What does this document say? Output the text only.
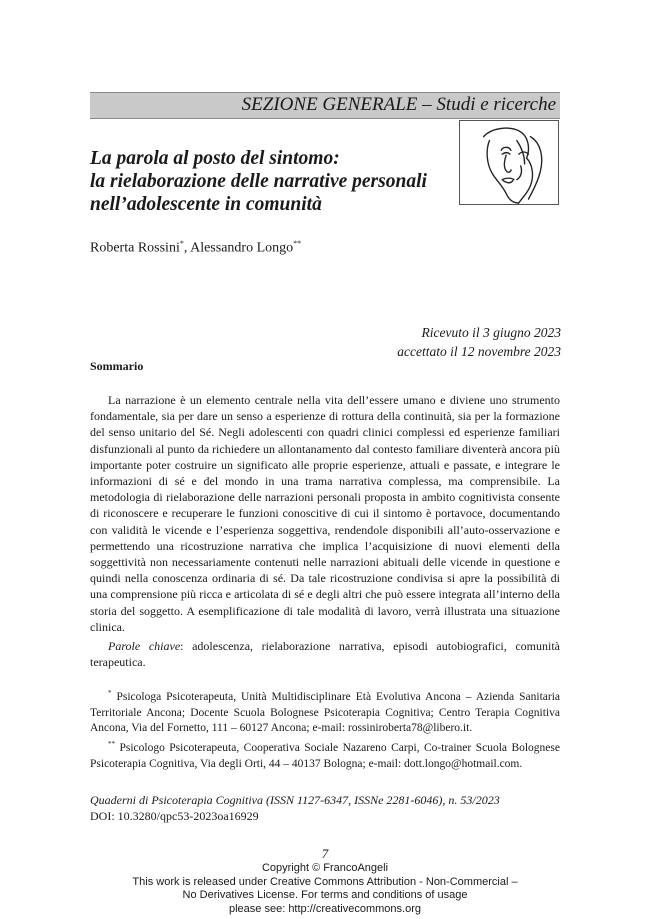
SEZIONE GENERALE – Studi e ricerche
La parola al posto del sintomo:
la rielaborazione delle narrative personali
nell’adolescente in comunità
Roberta Rossini*, Alessandro Longo**
Ricevuto il 3 giugno 2023
accettato il 12 novembre 2023
Sommario

La narrazione è un elemento centrale nella vita dell’essere umano e diviene uno strumento fondamentale, sia per dare un senso a esperienze di rottura della continuità, sia per la formazione del senso unitario del Sé. Negli adolescenti con quadri clinici complessi ed esperienze familiari disfunzionali al punto da richiedere un allontanamento dal contesto familiare diventerà ancora più importante poter costruire un significato alle proprie esperienze, attuali e passate, e integrare le informazioni di sé e del mondo in una trama narrativa complessa, ma comprensibile. La metodologia di rielaborazione delle narrazioni personali proposta in ambito cognitivista consente di riconoscere e recuperare le funzioni conoscitive di cui il sintomo è portavoce, documentando con validità le vicende e l’esperienza soggettiva, rendendole disponibili all’auto-osservazione e permettendo una ricostruzione narrativa che implica l’acquisizione di nuovi elementi della soggettività non necessariamente contenuti nelle narrazioni abituali delle vicende in questione e quindi nella conoscenza ordinaria di sé. Da tale ricostruzione condivisa si apre la possibilità di una comprensione più ricca e articolata di sé e degli altri che può essere integrata all’interno della storia del soggetto. A esemplificazione di tale modalità di lavoro, verrà illustrata una situazione clinica.

Parole chiave: adolescenza, rielaborazione narrativa, episodi autobiografici, comunità terapeutica.

* Psicologa Psicoterapeuta, Unità Multidisciplinare Età Evolutiva Ancona – Azienda Sanitaria Territoriale Ancona; Docente Scuola Bolognese Psicoterapia Cognitiva; Centro Terapia Cognitiva Ancona, Via del Fornetto, 111 – 60127 Ancona; e-mail: rossiniroberta78@libero.it.

** Psicologo Psicoterapeuta, Cooperativa Sociale Nazareno Carpi, Co-trainer Scuola Bolognese Psicoterapia Cognitiva, Via degli Orti, 44 – 40137 Bologna; e-mail: dott.longo@hotmail.com.

Quaderni di Psicoterapia Cognitiva (ISSN 1127-6347, ISSNe 2281-6046), n. 53/2023
DOI: 10.3280/qpc53-2023oa16929
7
Copyright © FrancoAngeli
This work is released under Creative Commons Attribution - Non-Commercial –
No Derivatives License. For terms and conditions of usage
please see: http://creativecommons.org
